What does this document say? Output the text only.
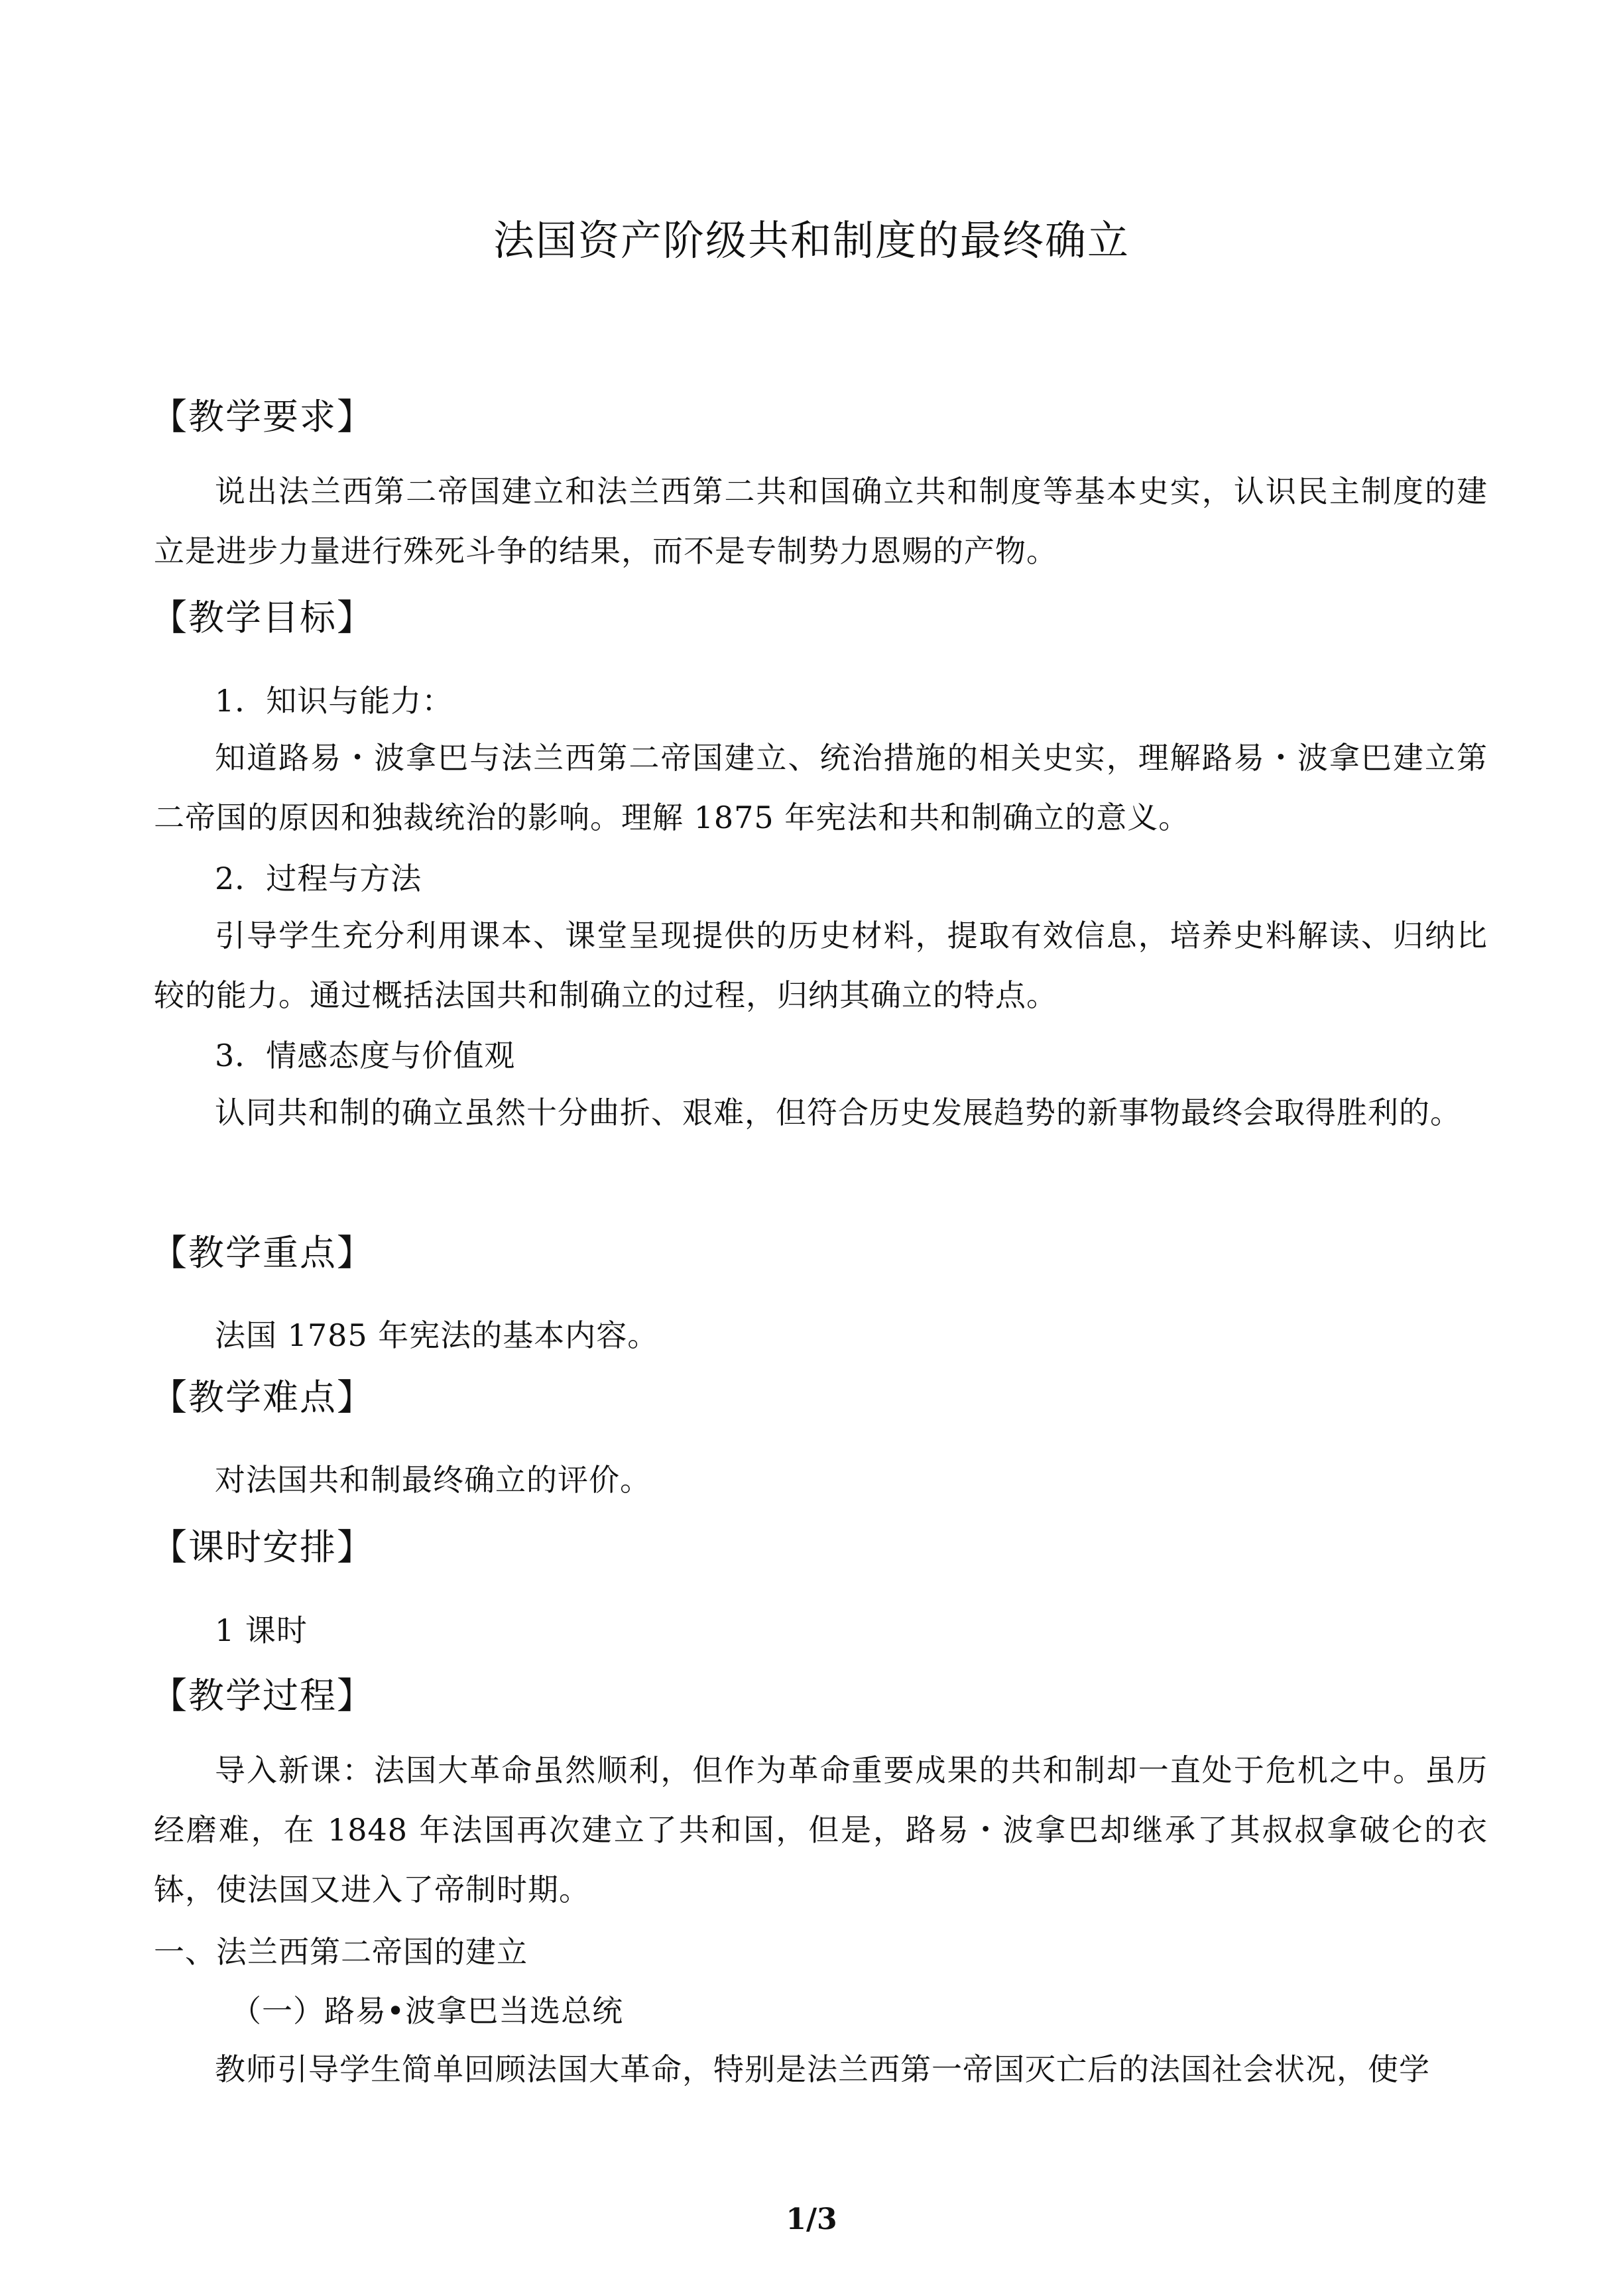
法国资产阶级共和制度的最终确立
【教学要求】
说出法兰西第二帝国建立和法兰西第二共和国确立共和制度等基本史实，认识民主制度的建立是进步力量进行殊死斗争的结果，而不是专制势力恩赐的产物。
【教学目标】
1．知识与能力：
知道路易・波拿巴与法兰西第二帝国建立、统治措施的相关史实，理解路易・波拿巴建立第二帝国的原因和独裁统治的影响。理解 1875 年宪法和共和制确立的意义。
2．过程与方法
引导学生充分利用课本、课堂呈现提供的历史材料，提取有效信息，培养史料解读、归纳比较的能力。通过概括法国共和制确立的过程，归纳其确立的特点。
3．情感态度与价值观
认同共和制的确立虽然十分曲折、艰难，但符合历史发展趋势的新事物最终会取得胜利的。
【教学重点】
法国 1785 年宪法的基本内容。
【教学难点】
对法国共和制最终确立的评价。
【课时安排】
1 课时
【教学过程】
导入新课：法国大革命虽然顺利，但作为革命重要成果的共和制却一直处于危机之中。虽历经磨难，在 1848 年法国再次建立了共和国，但是，路易・波拿巴却继承了其叔叔拿破仑的衣钵，使法国又进入了帝制时期。
一、法兰西第二帝国的建立
（一）路易•波拿巴当选总统
教师引导学生简单回顾法国大革命，特别是法兰西第一帝国灭亡后的法国社会状况，使学
1/3
